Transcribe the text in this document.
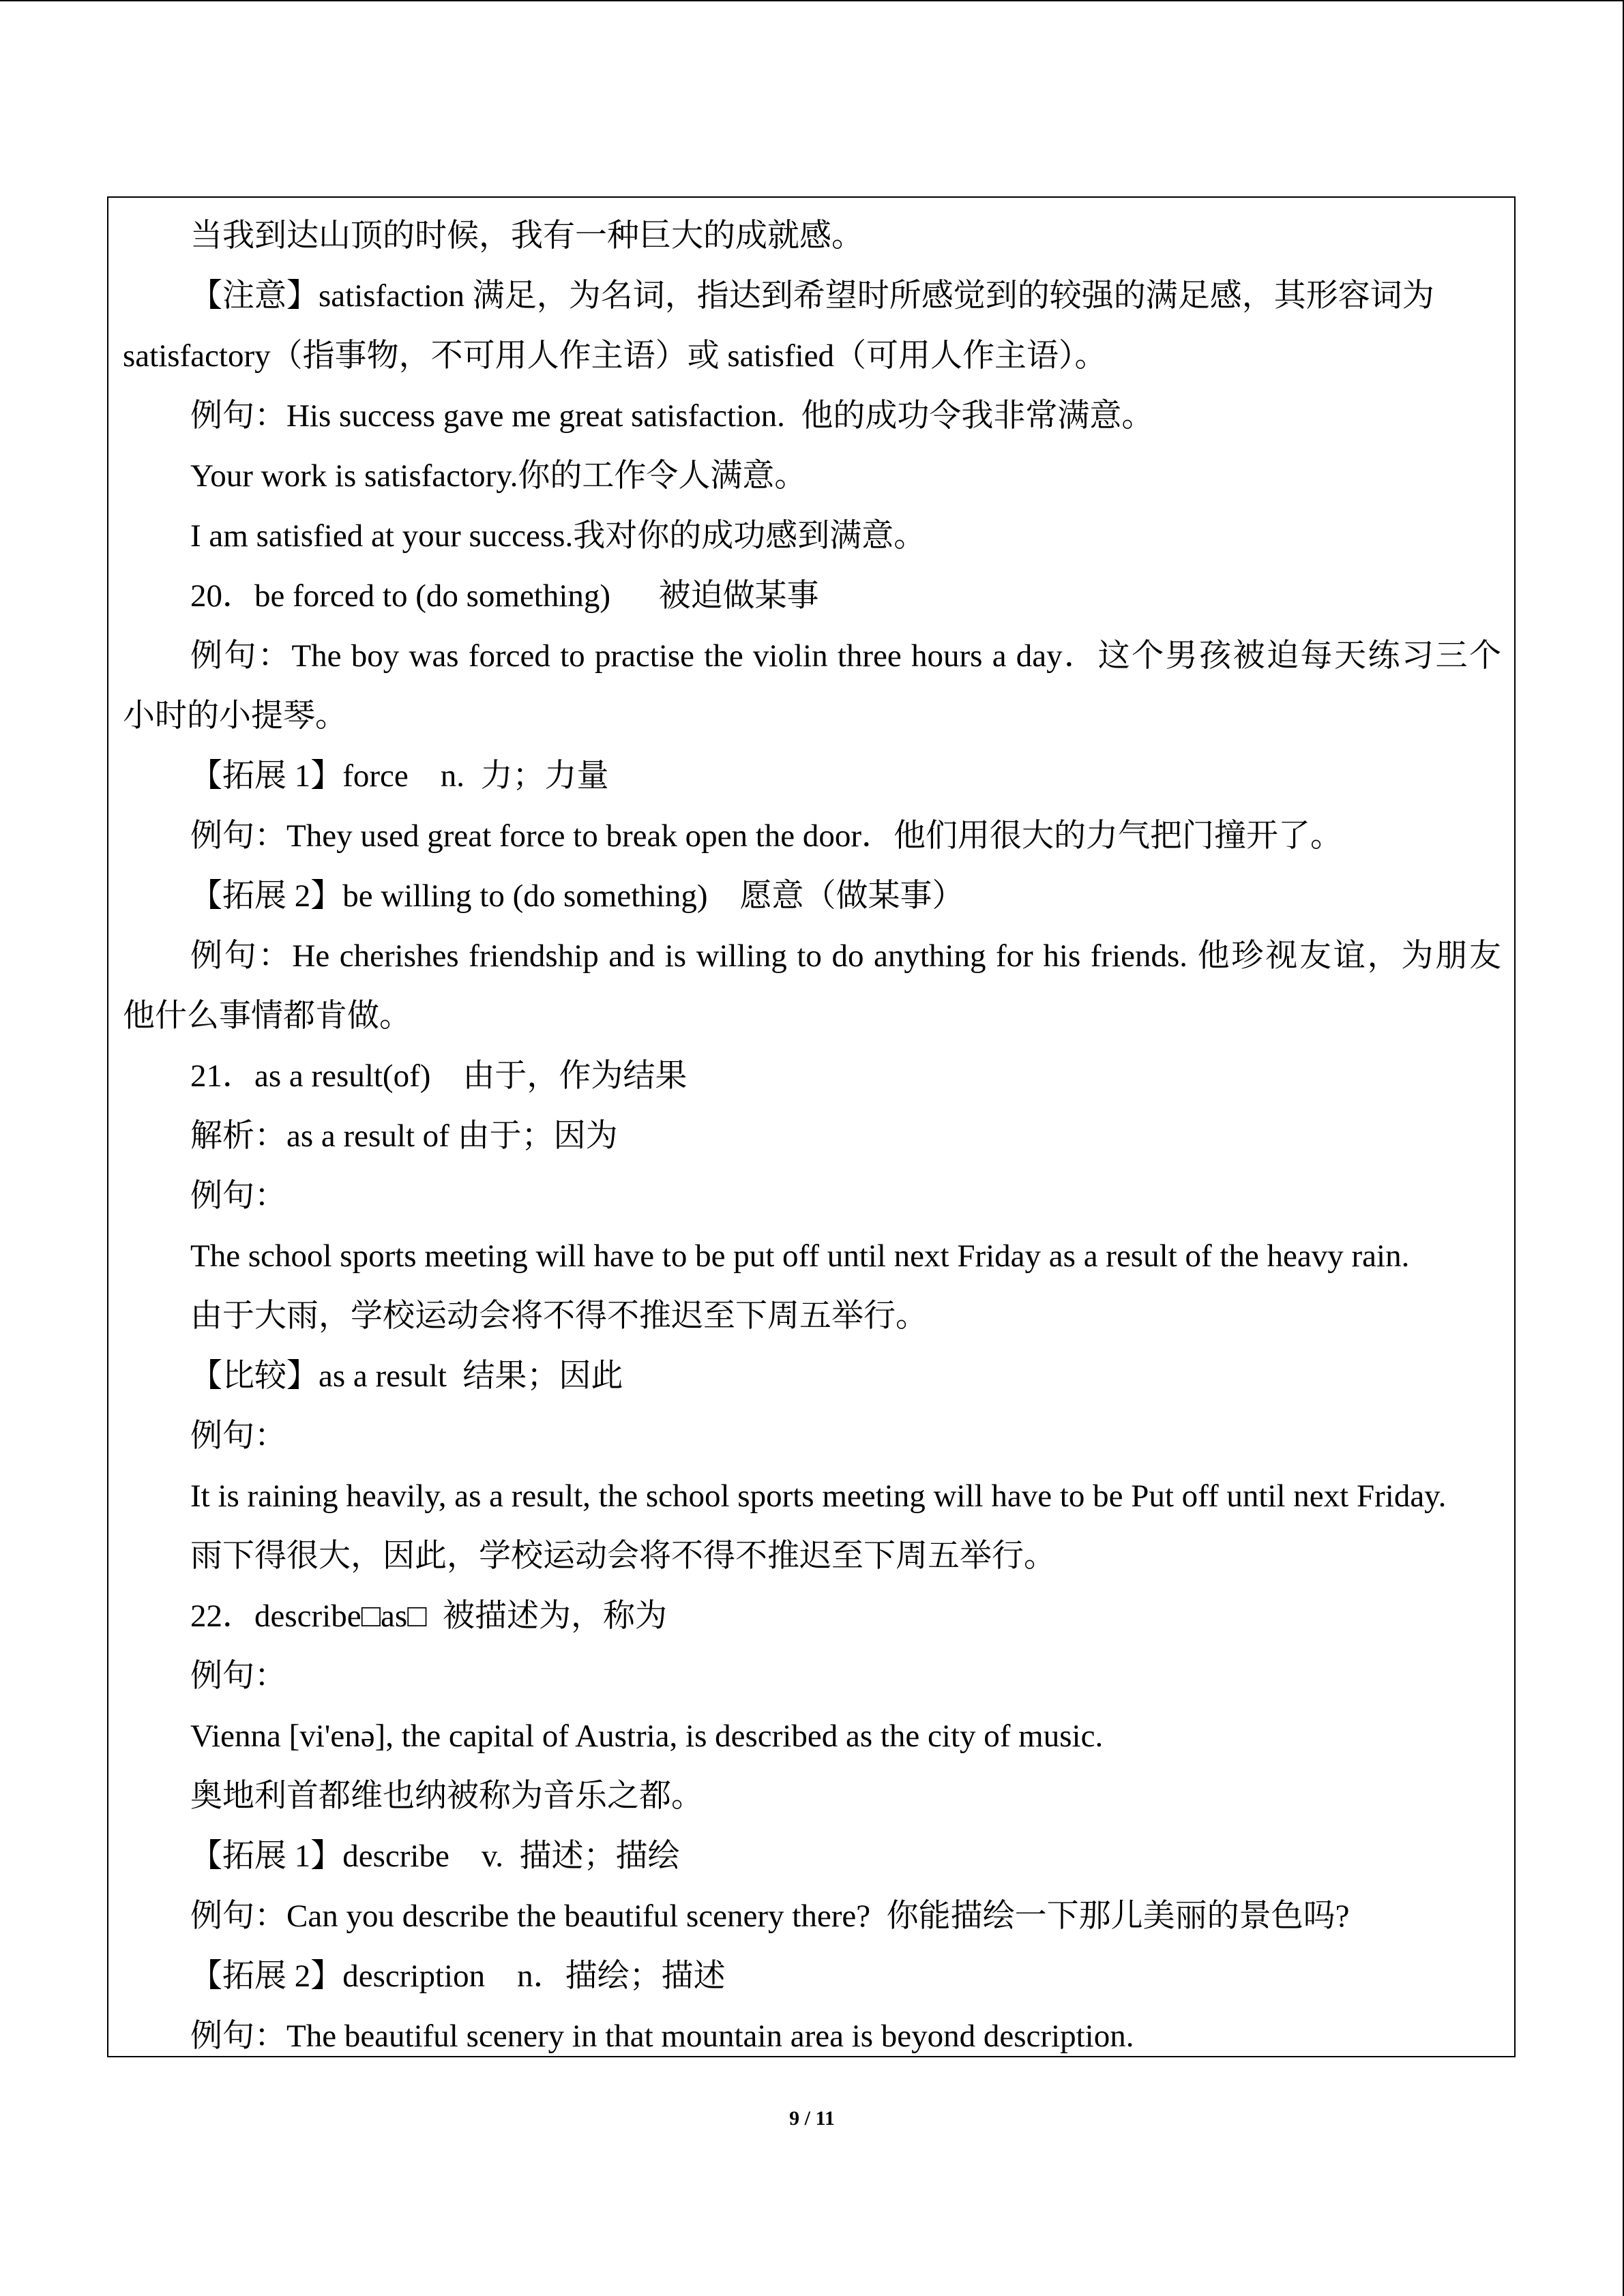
当我到达山顶的时候，我有一种巨大的成就感。
【注意】satisfaction 满足，为名词，指达到希望时所感觉到的较强的满足感，其形容词为
satisfactory（指事物，不可用人作主语）或 satisfied（可用人作主语）。
例句：His success gave me great satisfaction.  他的成功令我非常满意。
Your work is satisfactory.你的工作令人满意。
I am satisfied at your success.我对你的成功感到满意。
20．be forced to (do something)      被迫做某事
例句：The boy was forced to practise the violin three hours a day．这个男孩被迫每天练习三个
小时的小提琴。
【拓展 1】force    n.  力；力量
例句：They used great force to break open the door．他们用很大的力气把门撞开了。
【拓展 2】be willing to (do something)    愿意（做某事）
例句：He cherishes friendship and is willing to do anything for his friends. 他珍视友谊，为朋友
他什么事情都肯做。
21．as a result(of)    由于，作为结果
解析：as a result of 由于；因为
例句：
The school sports meeting will have to be put off until next Friday as a result of the heavy rain.
由于大雨，学校运动会将不得不推迟至下周五举行。
【比较】as a result  结果；因此
例句：
It is raining heavily, as a result, the school sports meeting will have to be Put off until next Friday.
雨下得很大，因此，学校运动会将不得不推迟至下周五举行。
22．describe□as□  被描述为，称为
例句：
Vienna [vi'enə], the capital of Austria, is described as the city of music.
奥地利首都维也纳被称为音乐之都。
【拓展 1】describe    v.  描述；描绘
例句：Can you describe the beautiful scenery there?  你能描绘一下那儿美丽的景色吗?
【拓展 2】description    n．描绘；描述
例句：The beautiful scenery in that mountain area is beyond description.
9 / 11
